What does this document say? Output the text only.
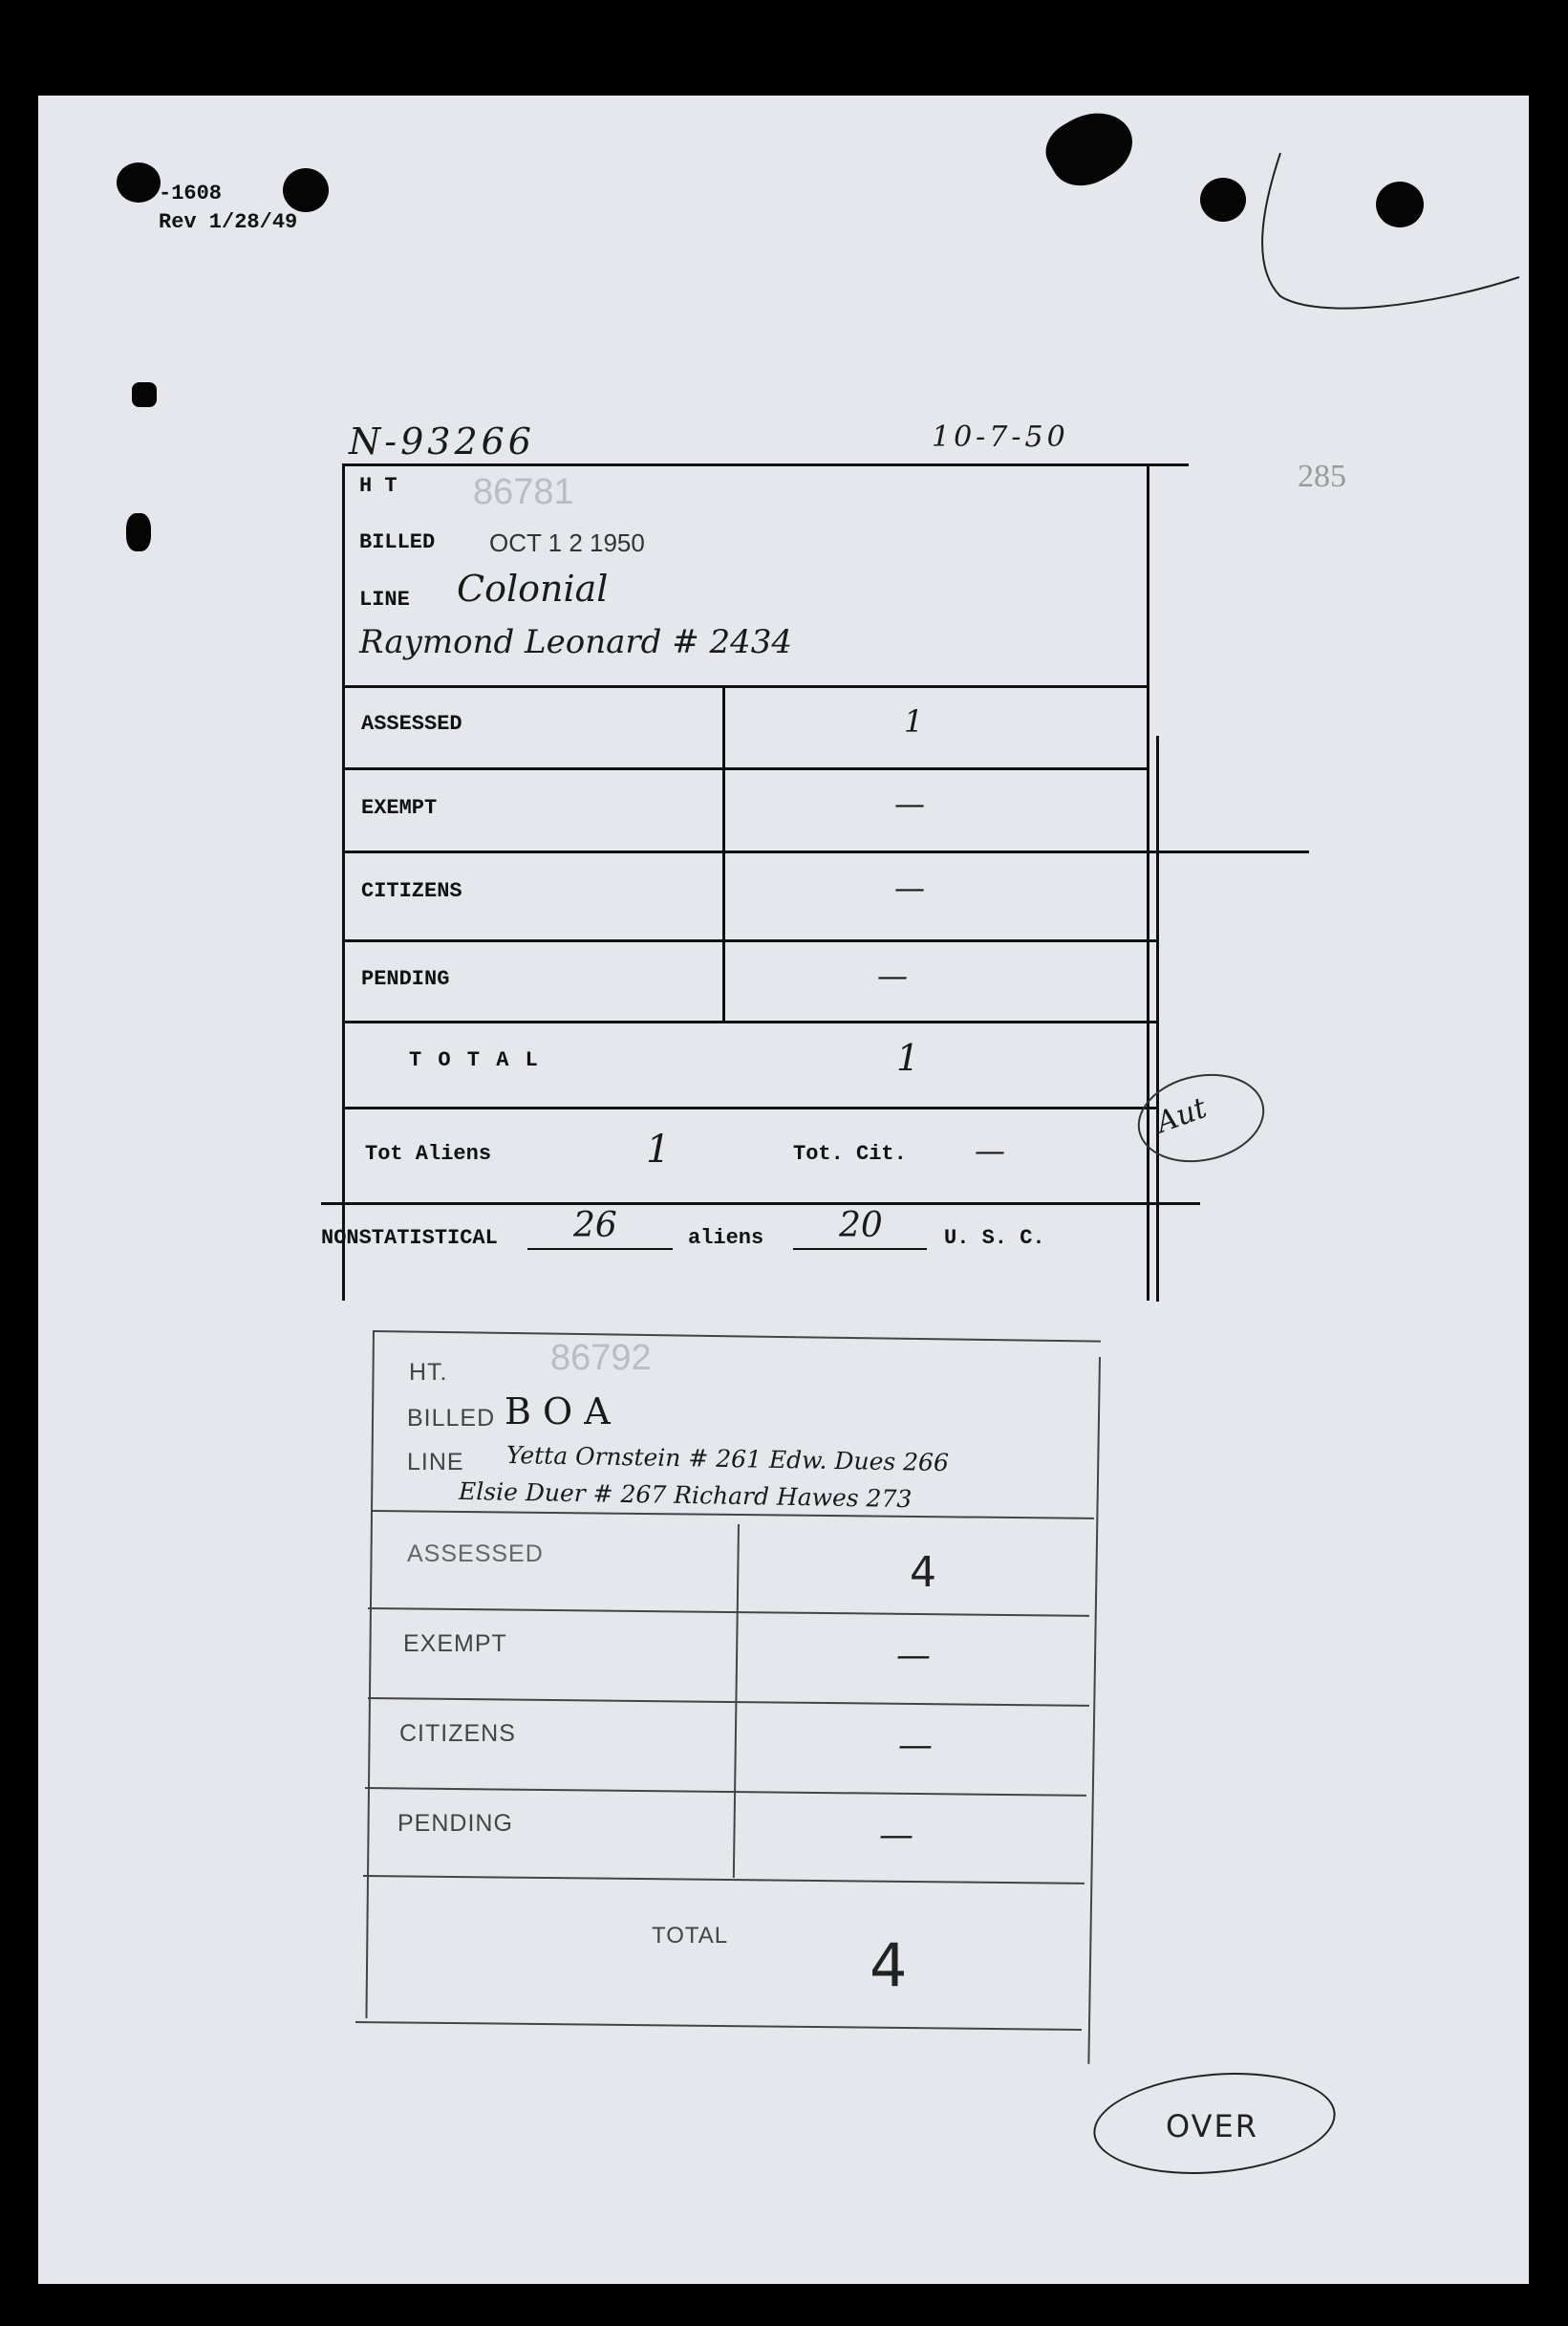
-1608
Rev 1/28/49
N-93266	10-7-50
285
H T 86781
BILLED OCT 1 2 1950
LINE Colonial
Raymond Leonard # 2434
ASSESSED	1
EXEMPT	—
CITIZENS	—
PENDING	—
T O T A L	1
Tot Aliens	1	Tot. Cit. —
Aut
NONSTATISTICAL 26	aliens 20	U. S. C.
HT.	86792
BILLED B O A
LINE Yetta Ornstein # 261 Edw. Dues 266
Elsie Duer # 267 Richard Hawes 273
ASSESSED	4
EXEMPT	—
CITIZENS	—
PENDING	—
TOTAL 4
OVER
